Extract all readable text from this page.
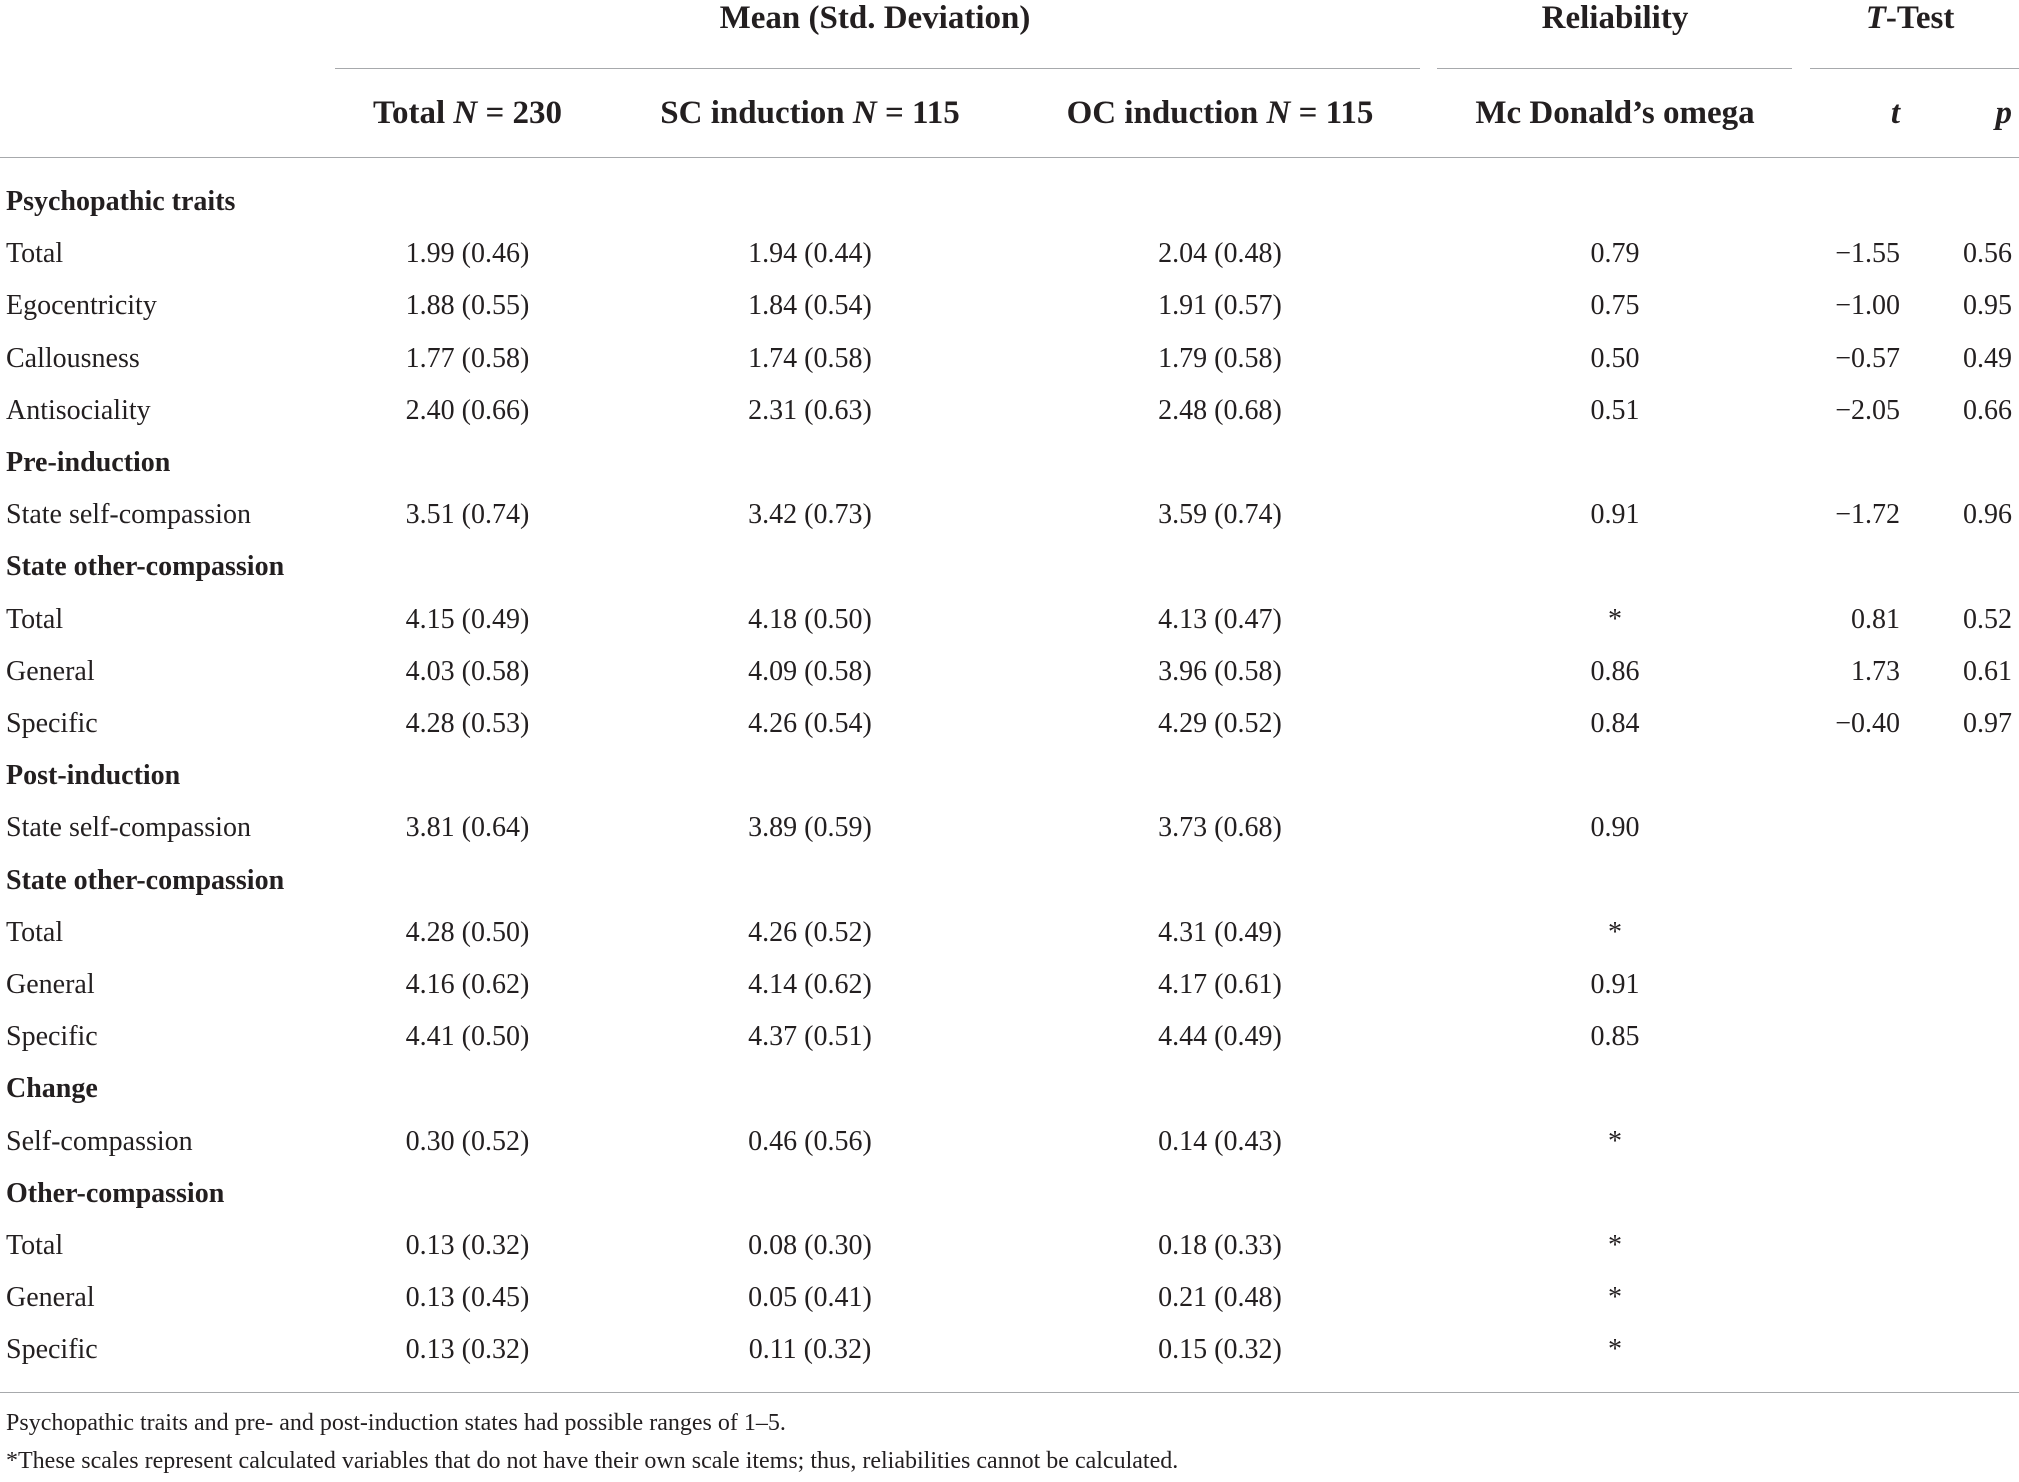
Mean (Std. Deviation)	Reliability	T-Test
Total N = 230	SC induction N = 115	OC induction N = 115	Mc Donald’s omega	t	p
Psychopathic traits
Total	1.99 (0.46)	1.94 (0.44)	2.04 (0.48)	0.79	−1.55	0.56
Egocentricity	1.88 (0.55)	1.84 (0.54)	1.91 (0.57)	0.75	−1.00	0.95
Callousness	1.77 (0.58)	1.74 (0.58)	1.79 (0.58)	0.50	−0.57	0.49
Antisociality	2.40 (0.66)	2.31 (0.63)	2.48 (0.68)	0.51	−2.05	0.66
Pre-induction
State self-compassion	3.51 (0.74)	3.42 (0.73)	3.59 (0.74)	0.91	−1.72	0.96
State other-compassion
Total	4.15 (0.49)	4.18 (0.50)	4.13 (0.47)	*	0.81	0.52
General	4.03 (0.58)	4.09 (0.58)	3.96 (0.58)	0.86	1.73	0.61
Specific	4.28 (0.53)	4.26 (0.54)	4.29 (0.52)	0.84	−0.40	0.97
Post-induction
State self-compassion	3.81 (0.64)	3.89 (0.59)	3.73 (0.68)	0.90
State other-compassion
Total	4.28 (0.50)	4.26 (0.52)	4.31 (0.49)	*
General	4.16 (0.62)	4.14 (0.62)	4.17 (0.61)	0.91
Specific	4.41 (0.50)	4.37 (0.51)	4.44 (0.49)	0.85
Change
Self-compassion	0.30 (0.52)	0.46 (0.56)	0.14 (0.43)	*
Other-compassion
Total	0.13 (0.32)	0.08 (0.30)	0.18 (0.33)	*
General	0.13 (0.45)	0.05 (0.41)	0.21 (0.48)	*
Specific	0.13 (0.32)	0.11 (0.32)	0.15 (0.32)	*
Psychopathic traits and pre- and post-induction states had possible ranges of 1–5.
*These scales represent calculated variables that do not have their own scale items; thus, reliabilities cannot be calculated.
